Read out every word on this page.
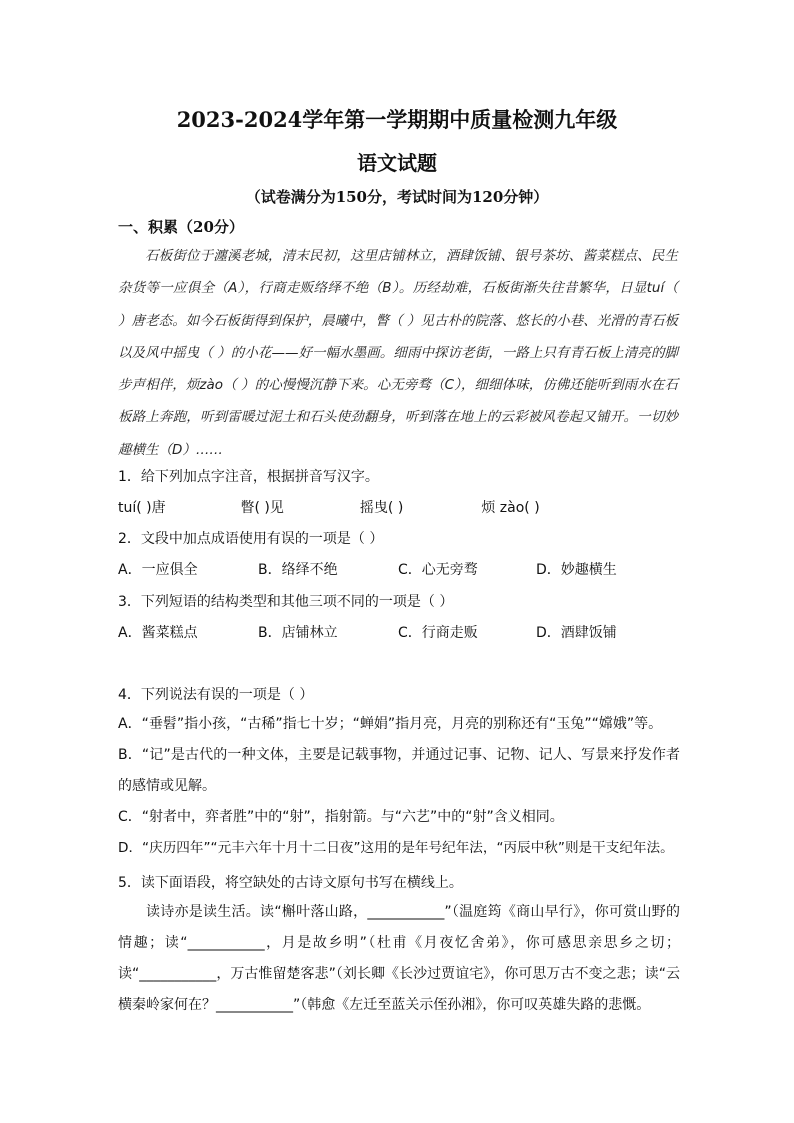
2023-2024学年第一学期期中质量检测九年级
语文试题
（试卷满分为150分，考试时间为120分钟）
一、积累（20分）

石板街位于瀍溪老城，清末民初，这里店铺林立，酒肆饭铺、银号茶坊、酱菜糕点、民生杂货等一应俱全（A），行商走贩络绎不绝（B）。历经劫难，石板街渐失往昔繁华，日显tuí（ ）唐老态。如今石板街得到保护，晨曦中，瞥（ ）见古朴的院落、悠长的小巷、光滑的青石板以及风中摇曳（ ）的小花——好一幅水墨画。细雨中探访老街，一路上只有青石板上清亮的脚步声相伴，烦zào（ ）的心慢慢沉静下来。心无旁骛（C），细细体味，仿佛还能听到雨水在石板路上奔跑，听到雷暖过泥土和石头使劲翻身，听到落在地上的云彩被风卷起又铺开。一切妙趣横生（D）……

1．给下列加点字注音，根据拼音写汉字。
tuí( )唐	瞥( )见	摇曳( )	烦 zào( )
2．文段中加点成语使用有误的一项是（ ）
A．一应俱全	B．络绎不绝	C．心无旁骛	D．妙趣横生
3．下列短语的结构类型和其他三项不同的一项是（ ）
A．酱菜糕点	B．店铺林立	C．行商走贩	D．酒肆饭铺
4．下列说法有误的一项是（ ）
A．“垂髫”指小孩，“古稀”指七十岁；“蝉娟”指月亮，月亮的别称还有“玉兔”“嫦娥”等。
B．“记”是古代的一种文体，主要是记载事物，并通过记事、记物、记人、写景来抒发作者的感情或见解。
C．“射者中，弈者胜”中的“射”，指射箭。与“六艺”中的“射”含义相同。
D．“庆历四年”“元丰六年十月十二日夜”这用的是年号纪年法，“丙辰中秋”则是干支纪年法。
5．读下面语段，将空缺处的古诗文原句书写在横线上。
读诗亦是读生活。读“槲叶落山路，___________”（温庭筠《商山早行》，你可赏山野的情趣；读“___________，月是故乡明”（杜甫《月夜忆舍弟》，你可感思亲思乡之切；读“___________，万古惟留楚客悲”（刘长卿《长沙过贾谊宅》，你可思万古不变之悲；读“云横秦岭家何在？___________”（韩愈《左迁至蓝关示侄孙湘》，你可叹英雄失路的悲慨。
